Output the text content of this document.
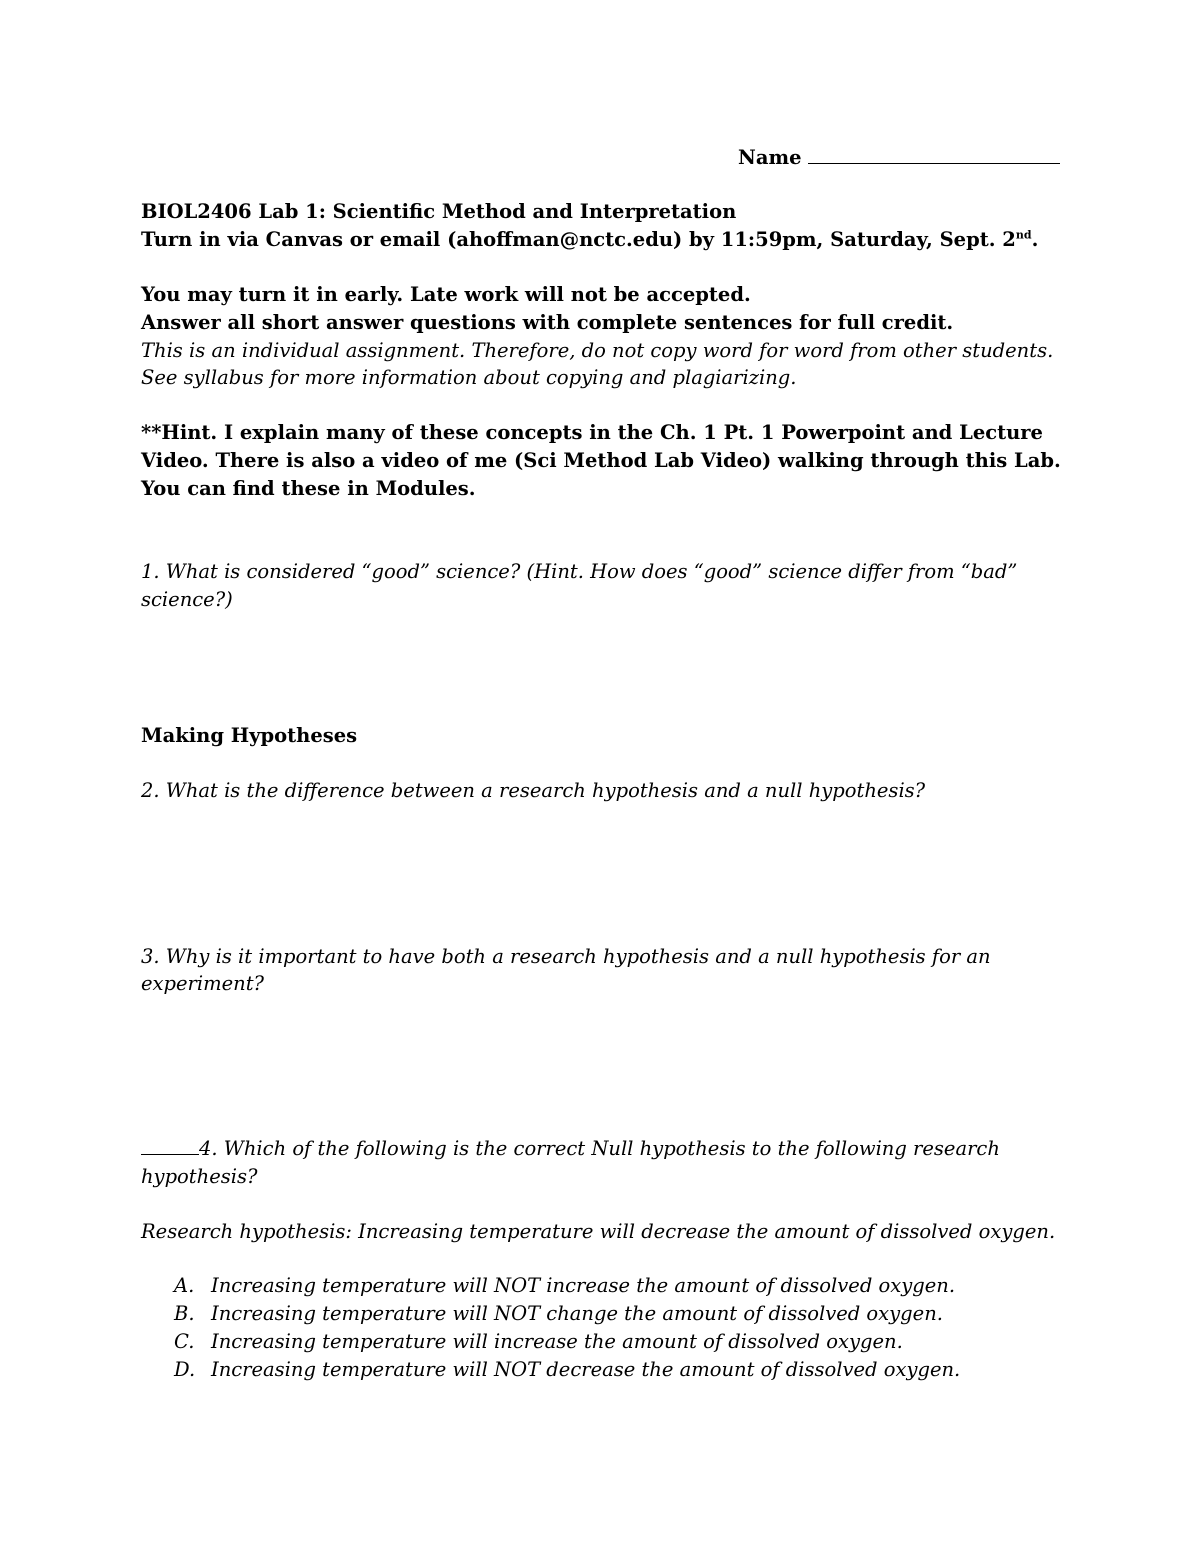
Name
BIOL2406 Lab 1: Scientific Method and Interpretation
Turn in via Canvas or email (ahoffman@nctc.edu) by 11:59pm, Saturday, Sept. 2nd.
You may turn it in early. Late work will not be accepted.
Answer all short answer questions with complete sentences for full credit.
This is an individual assignment. Therefore, do not copy word for word from other students.
See syllabus for more information about copying and plagiarizing.
**Hint. I explain many of these concepts in the Ch. 1 Pt. 1 Powerpoint and Lecture
Video. There is also a video of me (Sci Method Lab Video) walking through this Lab.
You can find these in Modules.
1. What is considered “good” science? (Hint. How does “good” science differ from “bad”
science?)
Making Hypotheses
2. What is the difference between a research hypothesis and a null hypothesis?
3. Why is it important to have both a research hypothesis and a null hypothesis for an
experiment?
4. Which of the following is the correct Null hypothesis to the following research
hypothesis?
Research hypothesis: Increasing temperature will decrease the amount of dissolved oxygen.
A. Increasing temperature will NOT increase the amount of dissolved oxygen.
B. Increasing temperature will NOT change the amount of dissolved oxygen.
C. Increasing temperature will increase the amount of dissolved oxygen.
D. Increasing temperature will NOT decrease the amount of dissolved oxygen.
